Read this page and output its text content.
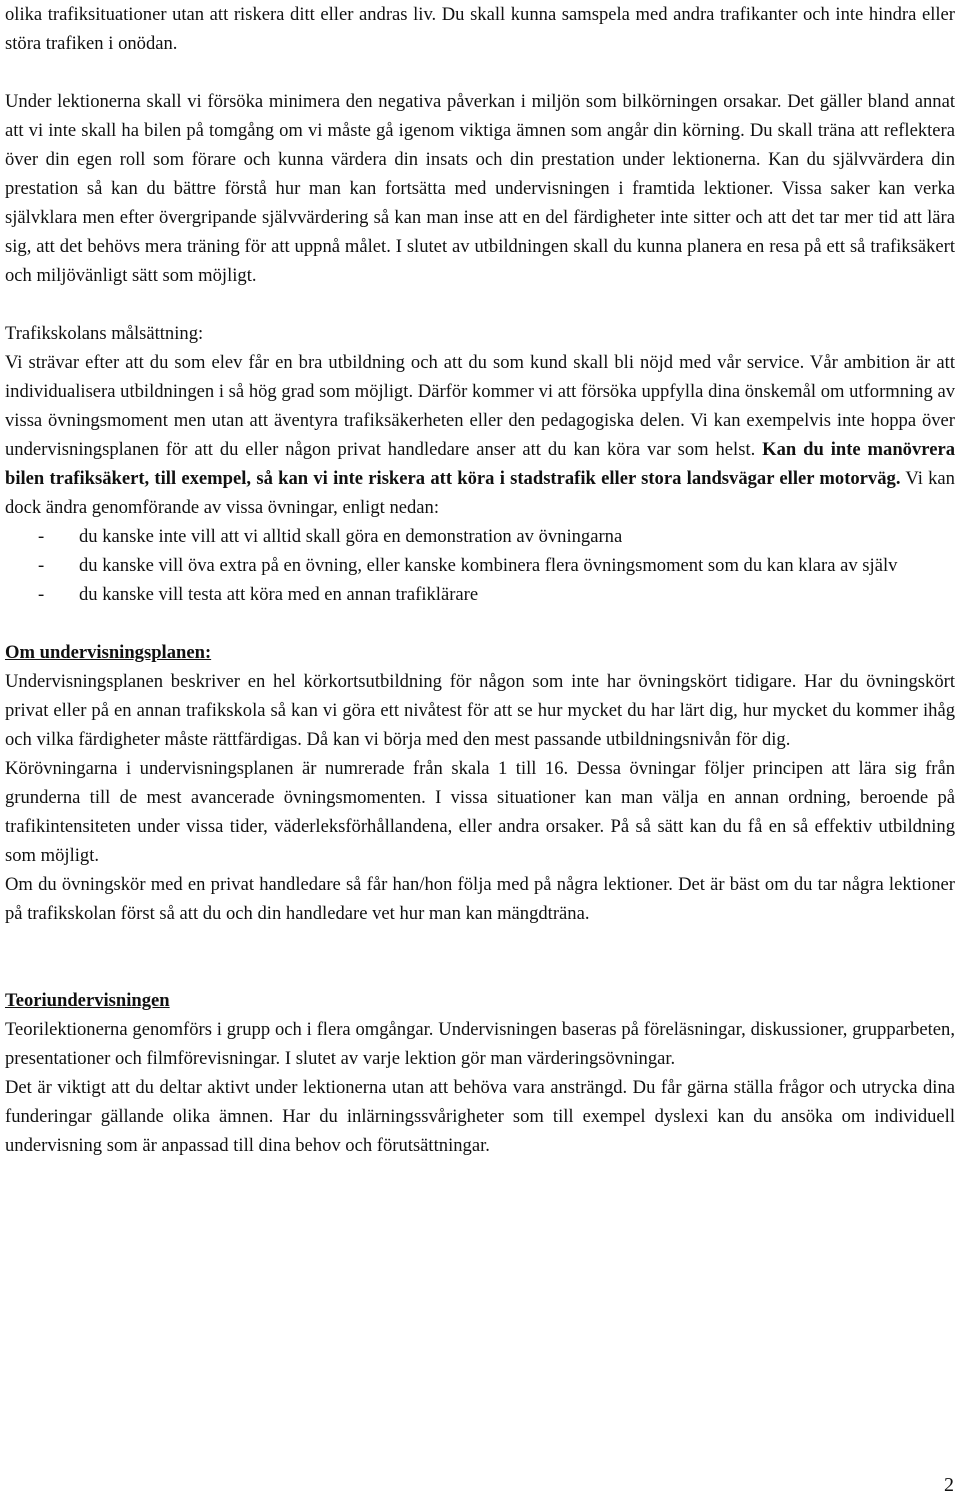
olika trafiksituationer utan att riskera ditt eller andras liv. Du skall kunna samspela med andra trafikanter och inte hindra eller störa trafiken i onödan.

Under lektionerna skall vi försöka minimera den negativa påverkan i miljön som bilkörningen orsakar. Det gäller bland annat att vi inte skall ha bilen på tomgång om vi måste gå igenom viktiga ämnen som angår din körning. Du skall träna att reflektera över din egen roll som förare och kunna värdera din insats och din prestation under lektionerna. Kan du självvärdera din prestation så kan du bättre förstå hur man kan fortsätta med undervisningen i framtida lektioner. Vissa saker kan verka självklara men efter övergripande självvärdering så kan man inse att en del färdigheter inte sitter och att det tar mer tid att lära sig, att det behövs mera träning för att uppnå målet. I slutet av utbildningen skall du kunna planera en resa på ett så trafiksäkert och miljövänligt sätt som möjligt.

Trafikskolans målsättning:

Vi strävar efter att du som elev får en bra utbildning och att du som kund skall bli nöjd med vår service. Vår ambition är att individualisera utbildningen i så hög grad som möjligt. Därför kommer vi att försöka uppfylla dina önskemål om utformning av vissa övningsmoment men utan att äventyra trafiksäkerheten eller den pedagogiska delen. Vi kan exempelvis inte hoppa över undervisningsplanen för att du eller någon privat handledare anser att du kan köra var som helst. Kan du inte manövrera bilen trafiksäkert, till exempel, så kan vi inte riskera att köra i stadstrafik eller stora landsvägar eller motorväg. Vi kan dock ändra genomförande av vissa övningar, enligt nedan:

- du kanske inte vill att vi alltid skall göra en demonstration av övningarna
- du kanske vill öva extra på en övning, eller kanske kombinera flera övningsmoment som du kan klara av själv
- du kanske vill testa att köra med en annan trafiklärare

Om undervisningsplanen:

Undervisningsplanen beskriver en hel körkortsutbildning för någon som inte har övningskört tidigare. Har du övningskört privat eller på en annan trafikskola så kan vi göra ett nivåtest för att se hur mycket du har lärt dig, hur mycket du kommer ihåg och vilka färdigheter måste rättfärdigas. Då kan vi börja med den mest passande utbildningsnivån för dig.

Körövningarna i undervisningsplanen är numrerade från skala 1 till 16. Dessa övningar följer principen att lära sig från grunderna till de mest avancerade övningsmomenten. I vissa situationer kan man välja en annan ordning, beroende på trafikintensiteten under vissa tider, väderleksförhållandena, eller andra orsaker. På så sätt kan du få en så effektiv utbildning som möjligt.

Om du övningskör med en privat handledare så får han/hon följa med på några lektioner. Det är bäst om du tar några lektioner på trafikskolan först så att du och din handledare vet hur man kan mängdträna.

Teoriundervisningen

Teorilektionerna genomförs i grupp och i flera omgångar. Undervisningen baseras på föreläsningar, diskussioner, grupparbeten, presentationer och filmförevisningar. I slutet av varje lektion gör man värderingsövningar.

Det är viktigt att du deltar aktivt under lektionerna utan att behöva vara ansträngd. Du får gärna ställa frågor och utrycka dina funderingar gällande olika ämnen. Har du inlärningssvårigheter som till exempel dyslexi kan du ansöka om individuell undervisning som är anpassad till dina behov och förutsättningar.

2
